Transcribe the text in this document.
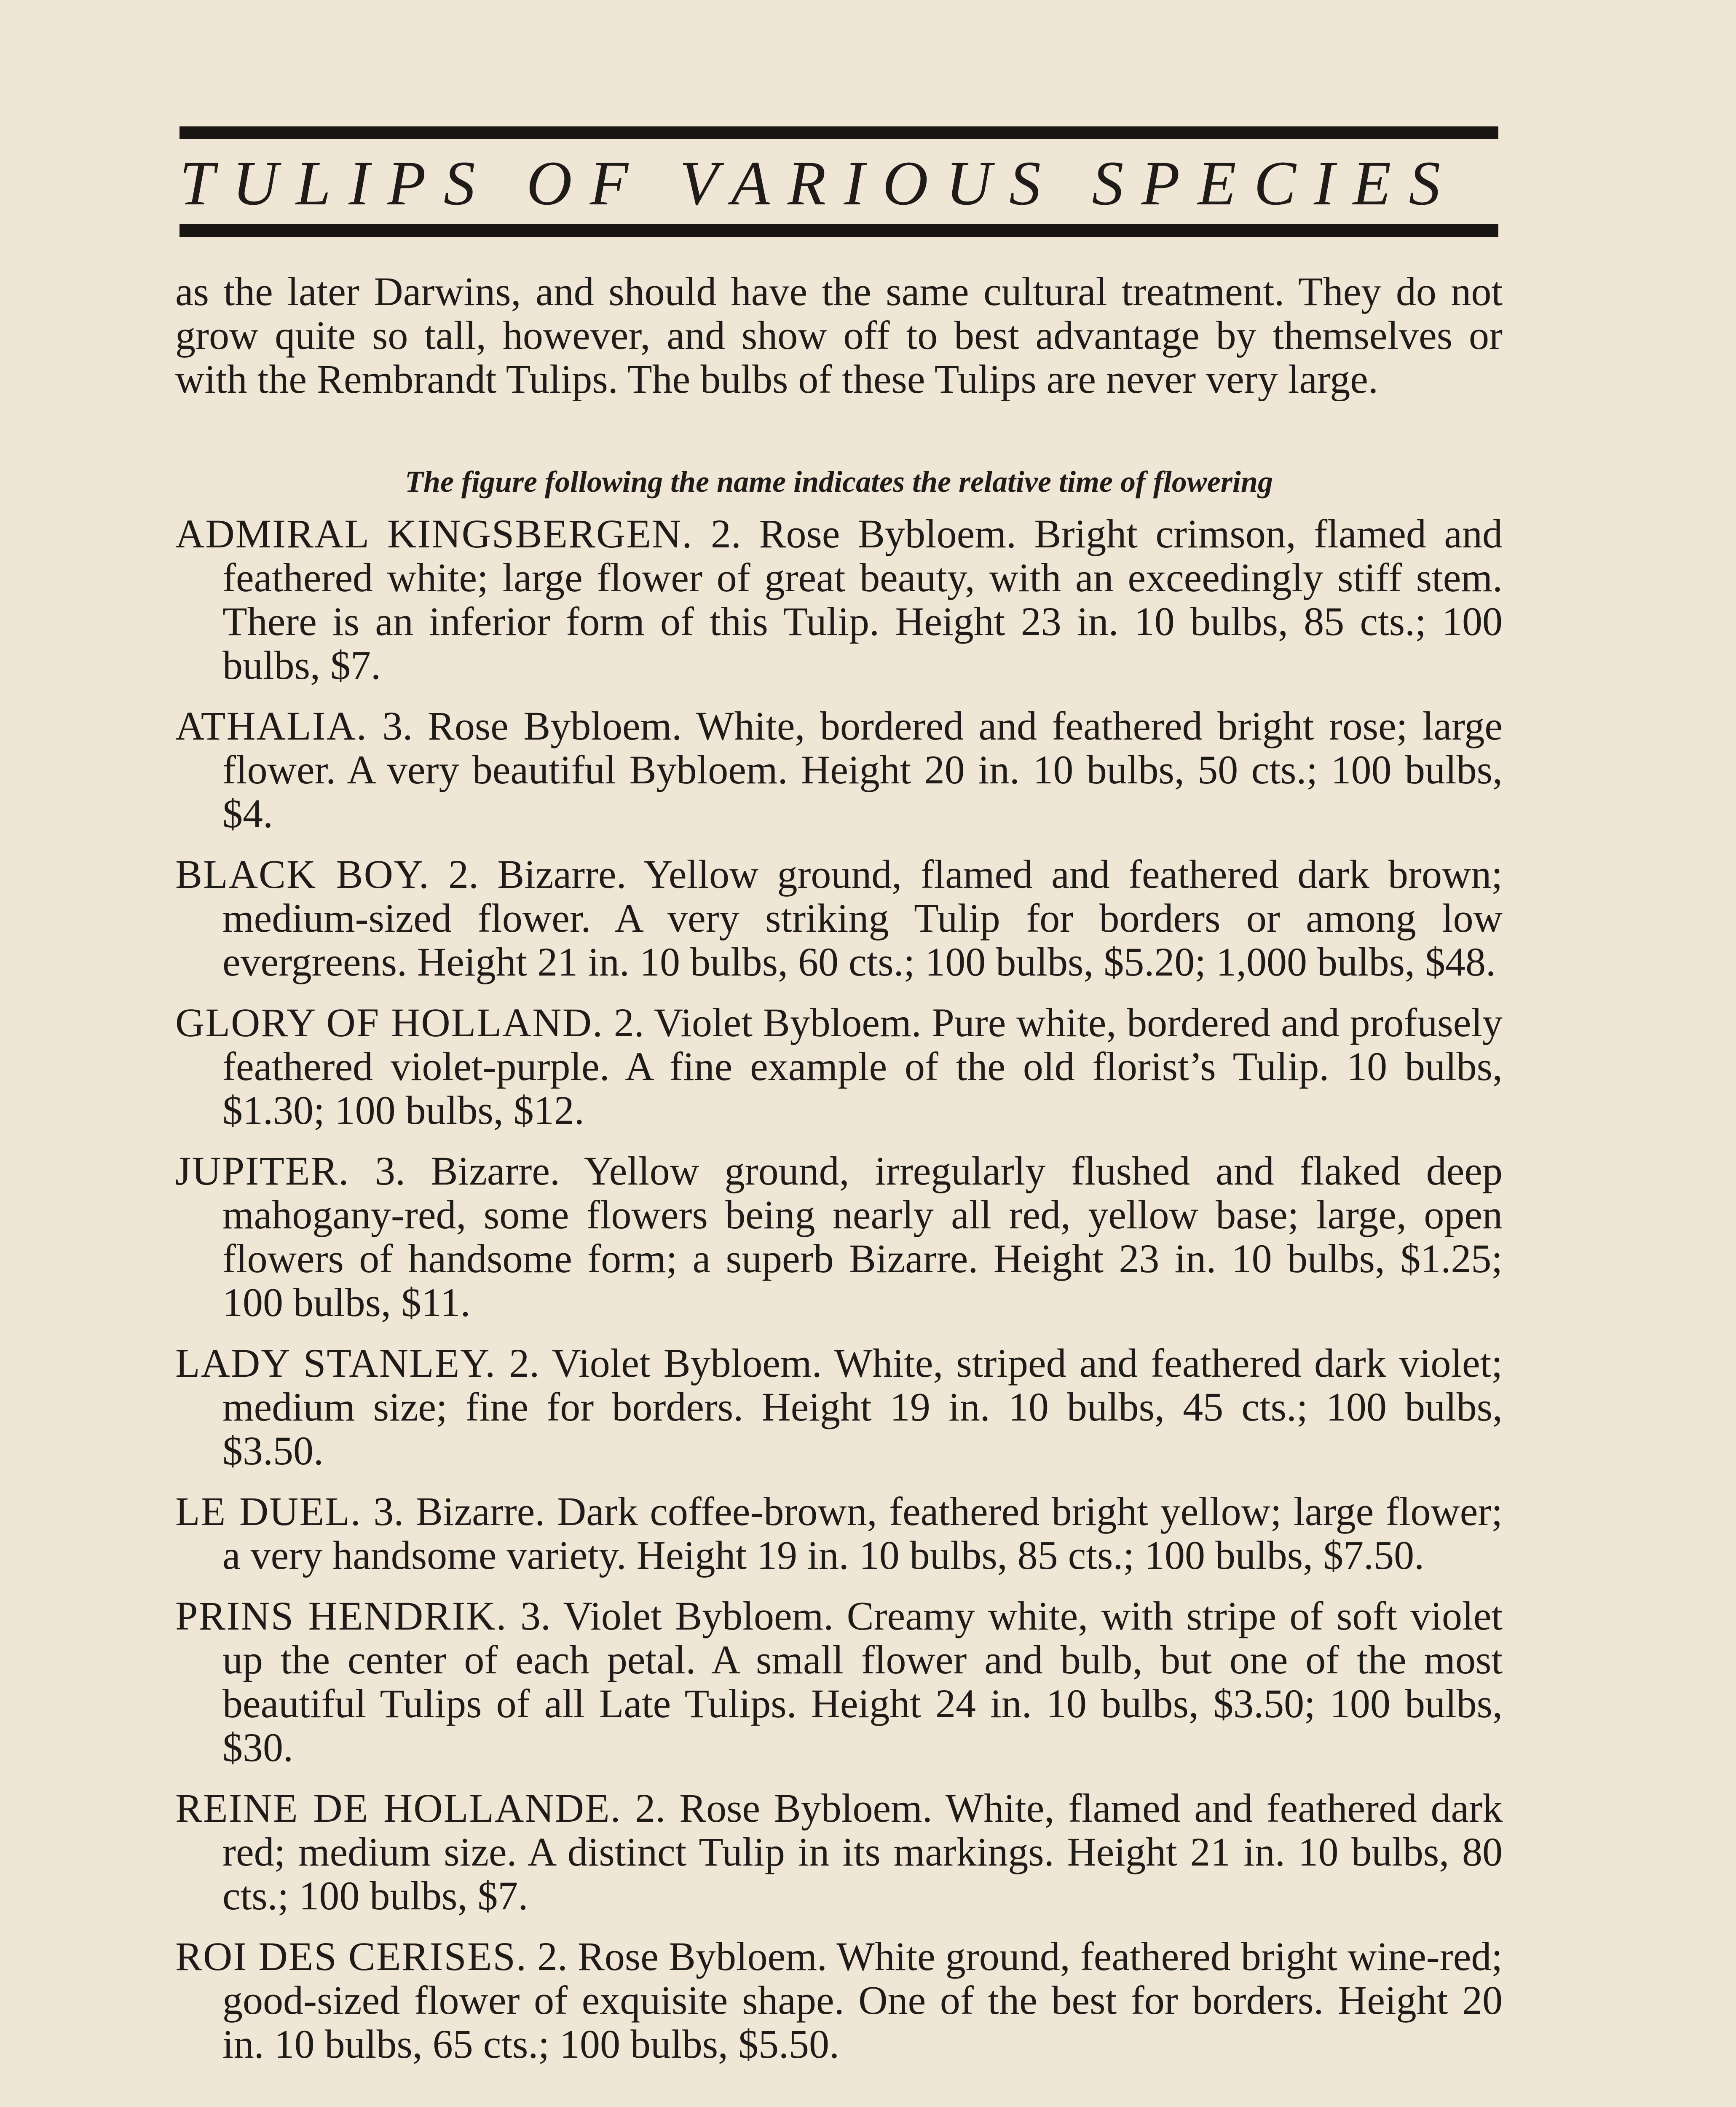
TULIPS OF VARIOUS SPECIES
as the later Darwins, and should have the same cultural treatment. They do not grow quite so tall, however, and show off to best advantage by themselves or with the Rembrandt Tulips. The bulbs of these Tulips are never very large.
The figure following the name indicates the relative time of flowering

ADMIRAL KINGSBERGEN. 2. Rose Bybloem. Bright crimson, flamed and feathered white; large flower of great beauty, with an exceedingly stiff stem. There is an inferior form of this Tulip. Height 23 in. 10 bulbs, 85 cts.; 100 bulbs, $7.

ATHALIA. 3. Rose Bybloem. White, bordered and feathered bright rose; large flower. A very beautiful Bybloem. Height 20 in. 10 bulbs, 50 cts.; 100 bulbs, $4.

BLACK BOY. 2. Bizarre. Yellow ground, flamed and feathered dark brown; medium-sized flower. A very striking Tulip for borders or among low evergreens. Height 21 in. 10 bulbs, 60 cts.; 100 bulbs, $5.20; 1,000 bulbs, $48.

GLORY OF HOLLAND. 2. Violet Bybloem. Pure white, bordered and profusely feathered violet-purple. A fine example of the old florist’s Tulip. 10 bulbs, $1.30; 100 bulbs, $12.

JUPITER. 3. Bizarre. Yellow ground, irregularly flushed and flaked deep mahogany-red, some flowers being nearly all red, yellow base; large, open flowers of handsome form; a superb Bizarre. Height 23 in. 10 bulbs, $1.25; 100 bulbs, $11.

LADY STANLEY. 2. Violet Bybloem. White, striped and feathered dark violet; medium size; fine for borders. Height 19 in. 10 bulbs, 45 cts.; 100 bulbs, $3.50.

LE DUEL. 3. Bizarre. Dark coffee-brown, feathered bright yellow; large flower; a very handsome variety. Height 19 in. 10 bulbs, 85 cts.; 100 bulbs, $7.50.

PRINS HENDRIK. 3. Violet Bybloem. Creamy white, with stripe of soft violet up the center of each petal. A small flower and bulb, but one of the most beautiful Tulips of all Late Tulips. Height 24 in. 10 bulbs, $3.50; 100 bulbs, $30.

REINE DE HOLLANDE. 2. Rose Bybloem. White, flamed and feathered dark red; medium size. A distinct Tulip in its markings. Height 21 in. 10 bulbs, 80 cts.; 100 bulbs, $7.

ROI DES CERISES. 2. Rose Bybloem. White ground, feathered bright wine-red; good-sized flower of exquisite shape. One of the best for borders. Height 20 in. 10 bulbs, 65 cts.; 100 bulbs, $5.50.
